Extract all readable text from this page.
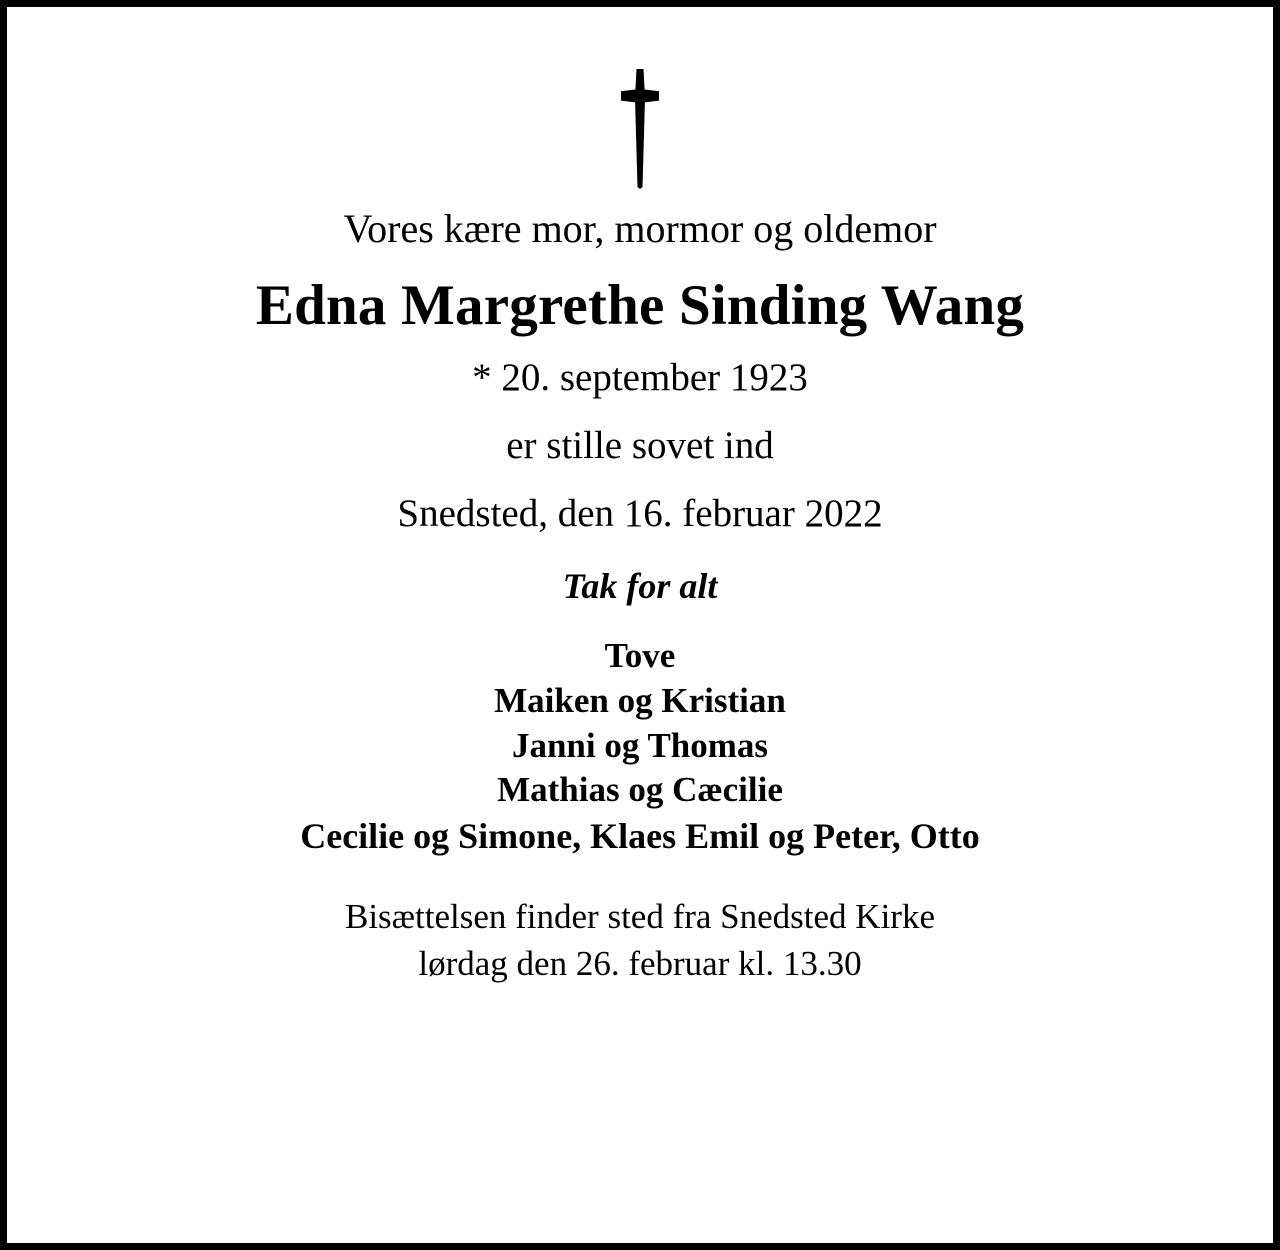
Vores kære mor, mormor og oldemor
Edna Margrethe Sinding Wang
* 20. september 1923
er stille sovet ind
Snedsted, den 16. februar 2022
Tak for alt
Tove
Maiken og Kristian
Janni og Thomas
Mathias og Cæcilie
Cecilie og Simone, Klaes Emil og Peter, Otto
Bisættelsen finder sted fra Snedsted Kirke
lørdag den 26. februar kl. 13.30
